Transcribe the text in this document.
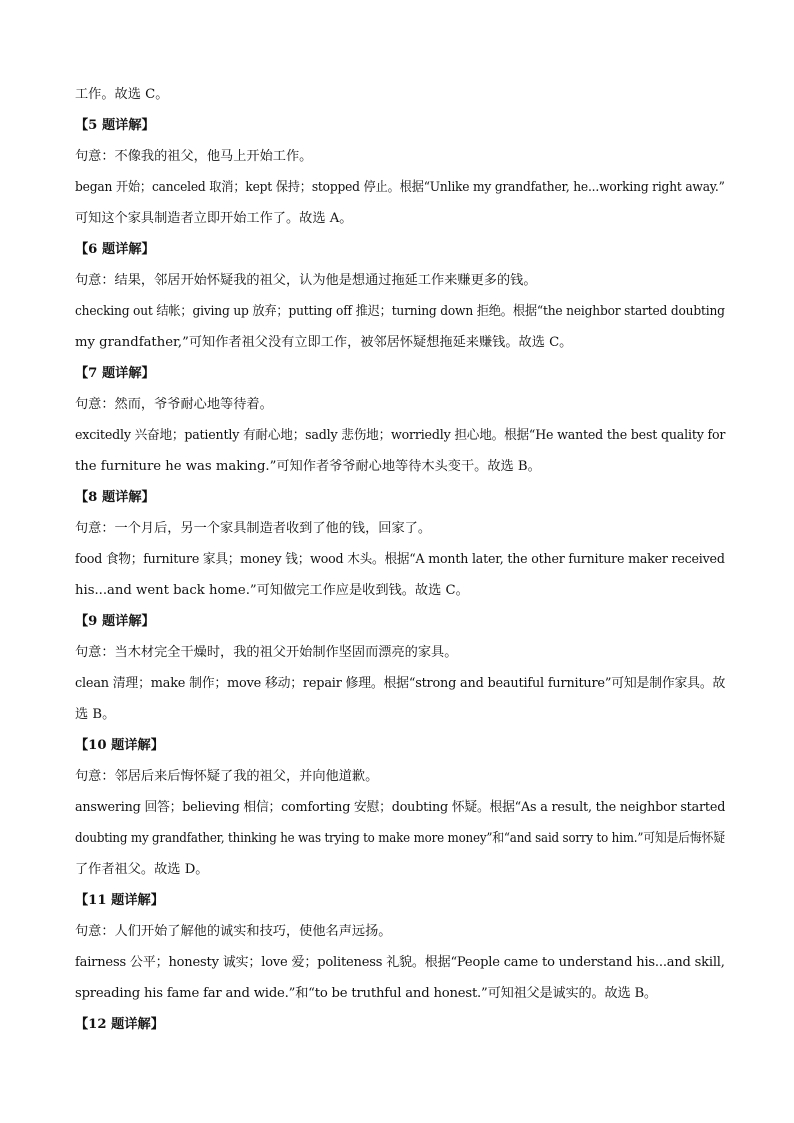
工作。故选 C。
【5 题详解】
句意：不像我的祖父，他马上开始工作。
began 开始；canceled 取消；kept 保持；stopped 停止。根据“Unlike my grandfather, he...working right away.”
可知这个家具制造者立即开始工作了。故选 A。
【6 题详解】
句意：结果，邻居开始怀疑我的祖父，认为他是想通过拖延工作来赚更多的钱。
checking out 结帐；giving up 放弃；putting off 推迟；turning down 拒绝。根据“the neighbor started doubting
my grandfather,”可知作者祖父没有立即工作，被邻居怀疑想拖延来赚钱。故选 C。
【7 题详解】
句意：然而，爷爷耐心地等待着。
excitedly 兴奋地；patiently 有耐心地；sadly 悲伤地；worriedly 担心地。根据“He wanted the best quality for
the furniture he was making.”可知作者爷爷耐心地等待木头变干。故选 B。
【8 题详解】
句意：一个月后，另一个家具制造者收到了他的钱，回家了。
food 食物；furniture 家具；money 钱；wood 木头。根据“A month later, the other furniture maker received
his...and went back home.”可知做完工作应是收到钱。故选 C。
【9 题详解】
句意：当木材完全干燥时，我的祖父开始制作坚固而漂亮的家具。
clean 清理；make 制作；move 移动；repair 修理。根据“strong and beautiful furniture”可知是制作家具。故
选 B。
【10 题详解】
句意：邻居后来后悔怀疑了我的祖父，并向他道歉。
answering 回答；believing 相信；comforting 安慰；doubting 怀疑。根据“As a result, the neighbor started
doubting my grandfather, thinking he was trying to make more money”和“and said sorry to him.”可知是后悔怀疑
了作者祖父。故选 D。
【11 题详解】
句意：人们开始了解他的诚实和技巧，使他名声远扬。
fairness 公平；honesty 诚实；love 爱；politeness 礼貌。根据“People came to understand his...and skill,
spreading his fame far and wide.”和“to be truthful and honest.”可知祖父是诚实的。故选 B。
【12 题详解】
